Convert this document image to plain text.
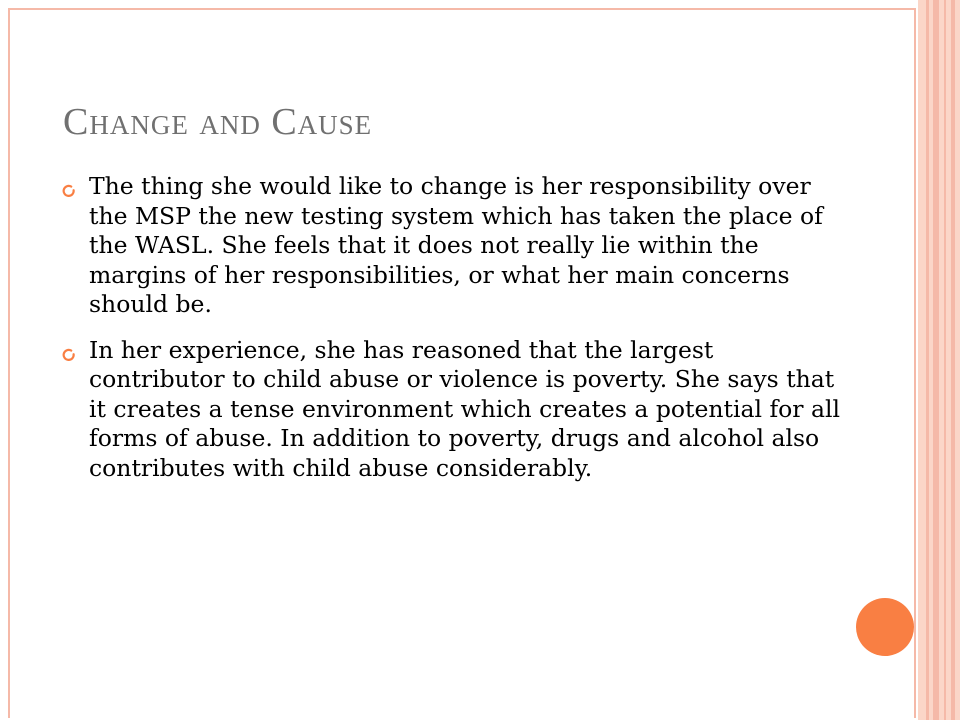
Change and Cause
The thing she would like to change is her responsibility over the MSP the new testing system which has taken the place of the WASL. She feels that it does not really lie within the margins of her responsibilities, or what her main concerns should be.
In her experience, she has reasoned that the largest contributor to child abuse or violence is poverty. She says that it creates a tense environment which creates a potential for all forms of abuse. In addition to poverty, drugs and alcohol also contributes with child abuse considerably.
